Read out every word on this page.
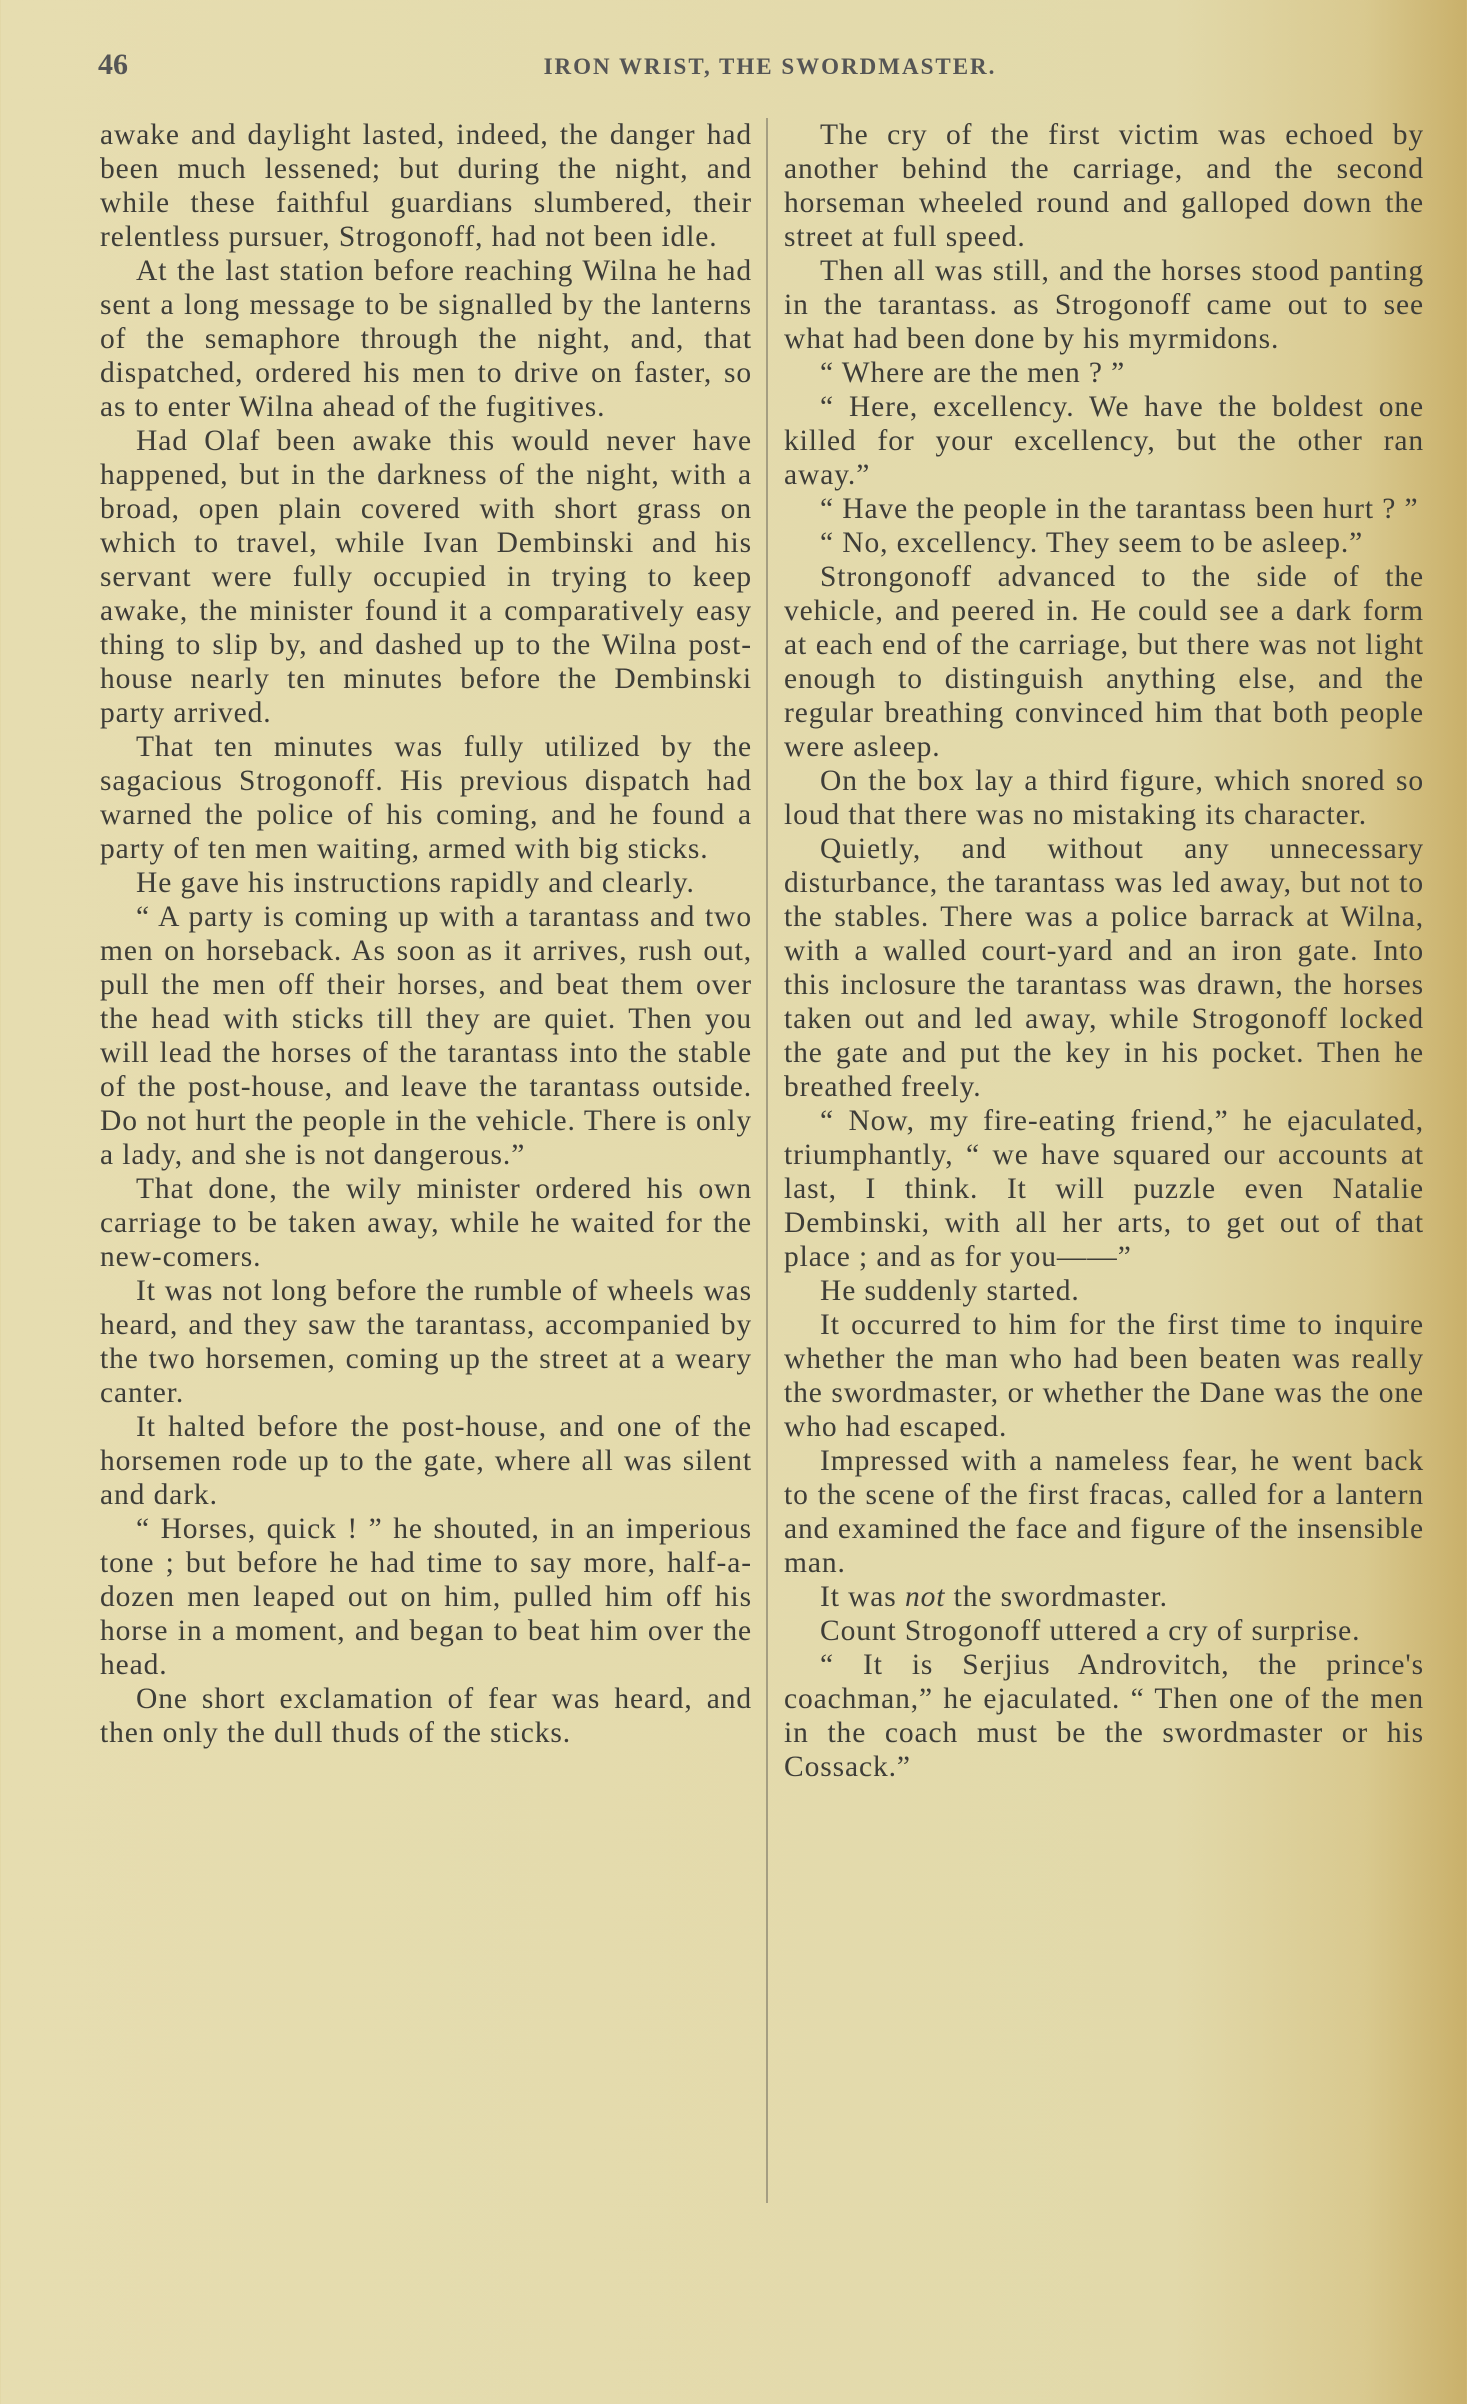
46	IRON WRIST, THE SWORDMASTER.

awake and daylight lasted, indeed, the danger had been much lessened; but during the night, and while these faithful guardians slumbered, their relentless pursuer, Strogonoff, had not been idle.

At the last station before reaching Wilna he had sent a long message to be signalled by the lanterns of the semaphore through the night, and, that dispatched, ordered his men to drive on faster, so as to enter Wilna ahead of the fugitives.

Had Olaf been awake this would never have happened, but in the darkness of the night, with a broad, open plain covered with short grass on which to travel, while Ivan Dembinski and his servant were fully occupied in trying to keep awake, the minister found it a comparatively easy thing to slip by, and dashed up to the Wilna post-house nearly ten minutes before the Dembinski party arrived.

That ten minutes was fully utilized by the sagacious Strogonoff. His previous dispatch had warned the police of his coming, and he found a party of ten men waiting, armed with big sticks.

He gave his instructions rapidly and clearly.

“ A party is coming up with a tarantass and two men on horseback. As soon as it arrives, rush out, pull the men off their horses, and beat them over the head with sticks till they are quiet. Then you will lead the horses of the tarantass into the stable of the post-house, and leave the tarantass outside. Do not hurt the people in the vehicle. There is only a lady, and she is not dangerous.”

That done, the wily minister ordered his own carriage to be taken away, while he waited for the new-comers.

It was not long before the rumble of wheels was heard, and they saw the tarantass, accompanied by the two horsemen, coming up the street at a weary canter.

It halted before the post-house, and one of the horsemen rode up to the gate, where all was silent and dark.

“ Horses, quick ! ” he shouted, in an imperious tone ; but before he had time to say more, half-a-dozen men leaped out on him, pulled him off his horse in a moment, and began to beat him over the head.

One short exclamation of fear was heard, and then only the dull thuds of the sticks.

The cry of the first victim was echoed by another behind the carriage, and the second horseman wheeled round and galloped down the street at full speed.

Then all was still, and the horses stood panting in the tarantass. as Strogonoff came out to see what had been done by his myrmidons.

“ Where are the men ? ”

“ Here, excellency. We have the boldest one killed for your excellency, but the other ran away.”

“ Have the people in the tarantass been hurt ? ”

“ No, excellency. They seem to be asleep.”

Strongonoff advanced to the side of the vehicle, and peered in. He could see a dark form at each end of the carriage, but there was not light enough to distinguish anything else, and the regular breathing convinced him that both people were asleep.

On the box lay a third figure, which snored so loud that there was no mistaking its character.

Quietly, and without any unnecessary disturbance, the tarantass was led away, but not to the stables. There was a police barrack at Wilna, with a walled court-yard and an iron gate. Into this inclosure the tarantass was drawn, the horses taken out and led away, while Strogonoff locked the gate and put the key in his pocket. Then he breathed freely.

“ Now, my fire-eating friend,” he ejaculated, triumphantly, “ we have squared our accounts at last, I think. It will puzzle even Natalie Dembinski, with all her arts, to get out of that place ; and as for you——”

He suddenly started.

It occurred to him for the first time to inquire whether the man who had been beaten was really the swordmaster, or whether the Dane was the one who had escaped.

Impressed with a nameless fear, he went back to the scene of the first fracas, called for a lantern and examined the face and figure of the insensible man.

It was not the swordmaster.

Count Strogonoff uttered a cry of surprise.

“ It is Serjius Androvitch, the prince's coachman,” he ejaculated. “ Then one of the men in the coach must be the swordmaster or his Cossack.”
